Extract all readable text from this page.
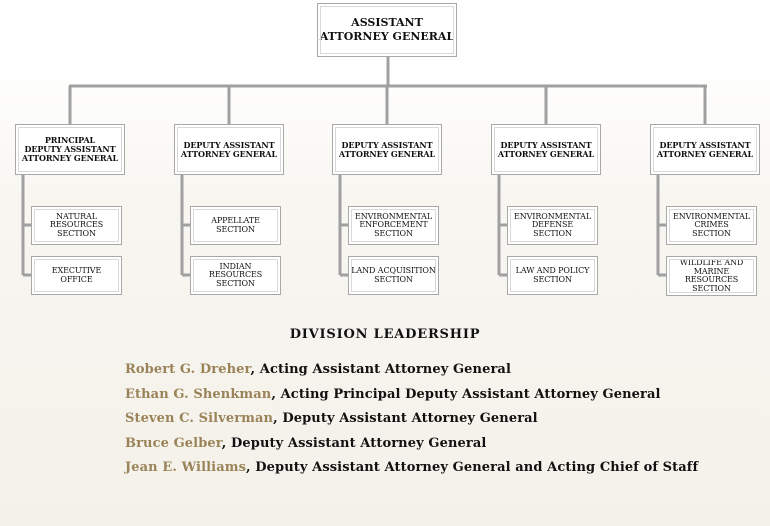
ASSISTANT
ATTORNEY GENERAL
PRINCIPAL
DEPUTY ASSISTANT
ATTORNEY GENERAL
NATURAL
RESOURCES
SECTION
EXECUTIVE
OFFICE
DEPUTY ASSISTANT
ATTORNEY GENERAL
APPELLATE
SECTION
INDIAN
RESOURCES
SECTION
DEPUTY ASSISTANT
ATTORNEY GENERAL
ENVIRONMENTAL
ENFORCEMENT
SECTION
LAND ACQUISITION
SECTION
DEPUTY ASSISTANT
ATTORNEY GENERAL
ENVIRONMENTAL
DEFENSE
SECTION
LAW AND POLICY
SECTION
DEPUTY ASSISTANT
ATTORNEY GENERAL
ENVIRONMENTAL
CRIMES
SECTION
WILDLIFE AND
MARINE
RESOURCES
SECTION
DIVISION LEADERSHIP
Robert G. Dreher, Acting Assistant Attorney General
Ethan G. Shenkman, Acting Principal Deputy Assistant Attorney General
Steven C. Silverman, Deputy Assistant Attorney General
Bruce Gelber, Deputy Assistant Attorney General
Jean E. Williams, Deputy Assistant Attorney General and Acting Chief of Staff
